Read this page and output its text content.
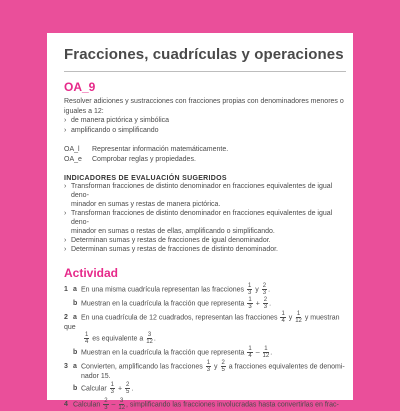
Fracciones, cuadrículas y operaciones
OA_9
Resolver adiciones y sustracciones con fracciones propias con denominadores menores o
iguales a 12:
› de manera pictórica y simbólica
› amplificando o simplificando
OA_l Representar información matemáticamente.
OA_e Comprobar reglas y propiedades.
INDICADORES DE EVALUACIÓN SUGERIDOS
› Transforman fracciones de distinto denominador en fracciones equivalentes de igual deno-
minador en sumas y restas de manera pictórica.
› Transforman fracciones de distinto denominador en fracciones equivalentes de igual deno-
minador en sumas o restas de ellas, amplificando o simplificando.
› Determinan sumas y restas de fracciones de igual denominador.
› Determinan sumas y restas de fracciones de distinto denominador.
Actividad
1 a En una misma cuadrícula representan las fracciones $\frac{1}{3}$ y $\frac{2}{3}$ .
b Muestran en la cuadrícula la fracción que representa $\frac{1}{3} + \frac{2}{3}$ .
2 a En una cuadrícula de 12 cuadrados, representan las fracciones $\frac{1}{4}$ y $\frac{1}{12}$ y muestran que

$\frac{1}{4}$ es equivalente a $\frac{3}{12}$ .
b Muestran en la cuadrícula la fracción que representa $\frac{1}{4} - \frac{1}{12}$ .
3 a Convierten, amplificando las fracciones $\frac{1}{3}$ y $\frac{2}{5}$ a fracciones equivalentes de denomi-
nador 15.
b Calcular $\frac{1}{3} + \frac{2}{5}$ .
4 Calculan $\frac{2}{3} - \frac{3}{12}$ , simplificando las fracciones involucradas hasta convertirlas en frac-
